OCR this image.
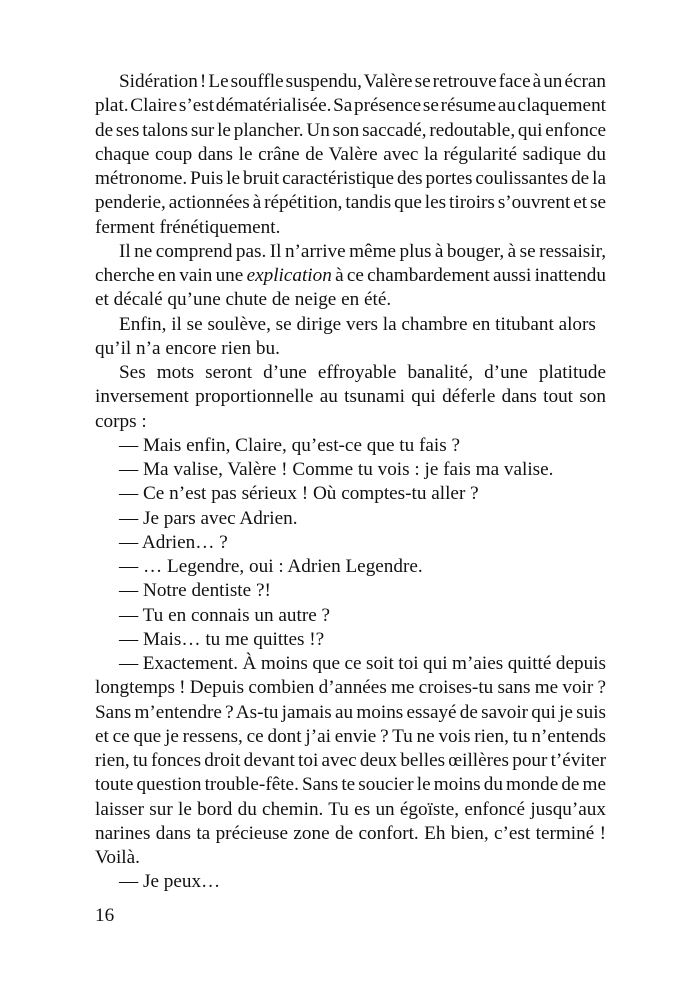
Sidération ! Le souffle suspendu, Valère se retrouve face à un écran
plat. Claire s’est dématérialisée. Sa présence se résume au claquement
de ses talons sur le plancher. Un son saccadé, redoutable, qui enfonce
chaque coup dans le crâne de Valère avec la régularité sadique du
métronome. Puis le bruit caractéristique des portes coulissantes de la
penderie, actionnées à répétition, tandis que les tiroirs s’ouvrent et se
ferment frénétiquement.
Il ne comprend pas. Il n’arrive même plus à bouger, à se ressaisir,
cherche en vain une explication à ce chambardement aussi inattendu
et décalé qu’une chute de neige en été.
Enfin, il se soulève, se dirige vers la chambre en titubant alors
qu’il n’a encore rien bu.
Ses mots seront d’une effroyable banalité, d’une platitude
inversement proportionnelle au tsunami qui déferle dans tout son
corps :
— Mais enfin, Claire, qu’est-ce que tu fais ?
— Ma valise, Valère ! Comme tu vois : je fais ma valise.
— Ce n’est pas sérieux ! Où comptes-tu aller ?
— Je pars avec Adrien.
— Adrien… ?
— … Legendre, oui : Adrien Legendre.
— Notre dentiste ?!
— Tu en connais un autre ?
— Mais… tu me quittes !?
— Exactement. À moins que ce soit toi qui m’aies quitté depuis
longtemps ! Depuis combien d’années me croises-tu sans me voir ?
Sans m’entendre ? As-tu jamais au moins essayé de savoir qui je suis
et ce que je ressens, ce dont j’ai envie ? Tu ne vois rien, tu n’entends
rien, tu fonces droit devant toi avec deux belles œillères pour t’éviter
toute question trouble-fête. Sans te soucier le moins du monde de me
laisser sur le bord du chemin. Tu es un égoïste, enfoncé jusqu’aux
narines dans ta précieuse zone de confort. Eh bien, c’est terminé !
Voilà.
— Je peux…
16
